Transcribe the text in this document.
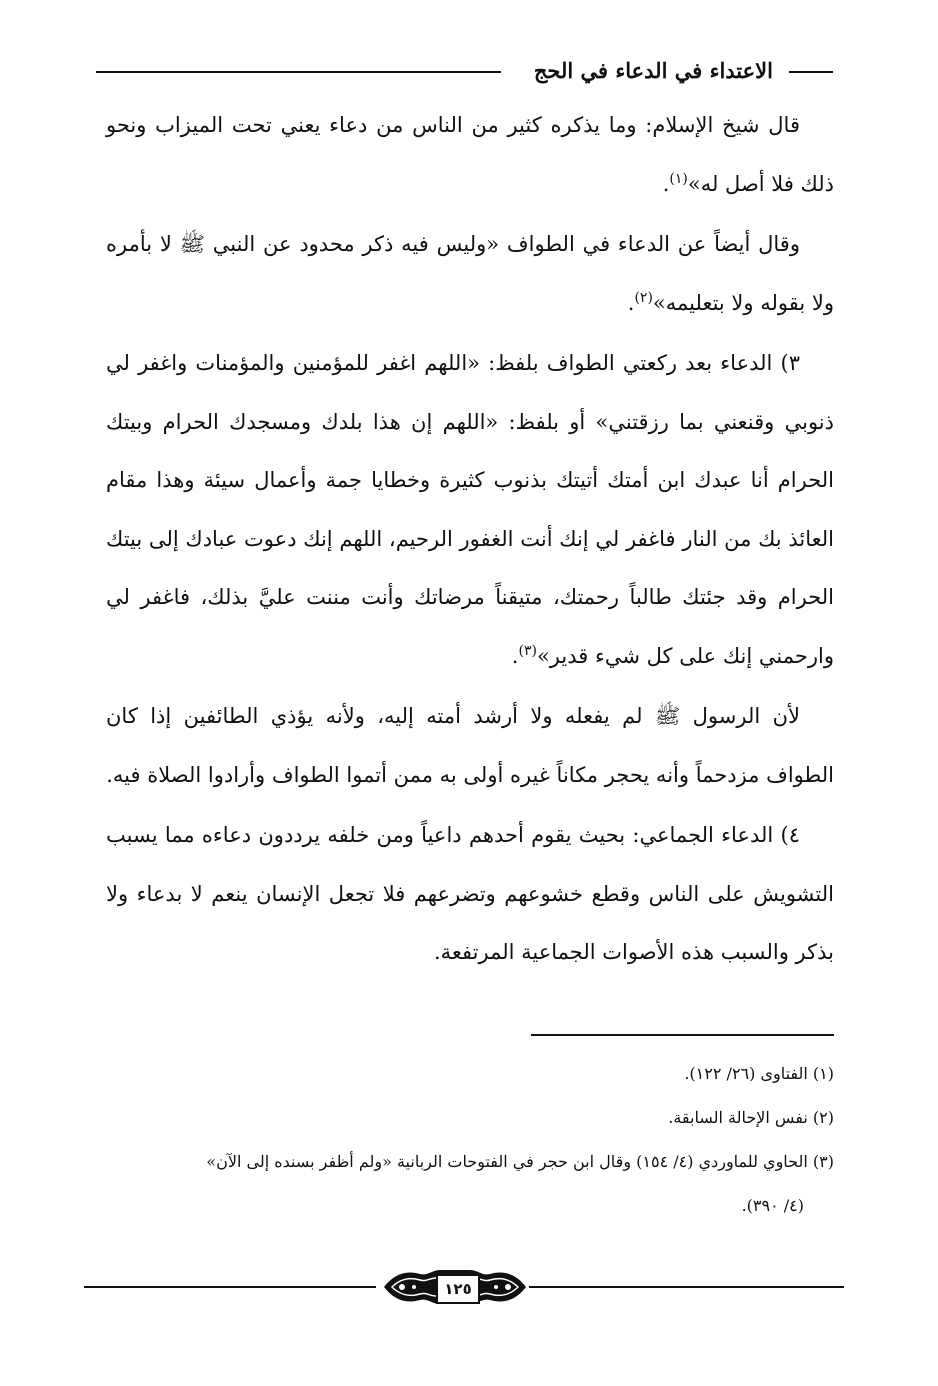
الاعتداء في الدعاء في الحج

قال شيخ الإسلام: وما يذكره كثير من الناس من دعاء يعني تحت الميزاب ونحو ذلك فلا أصل له»$^{(١)}$.

وقال أيضاً عن الدعاء في الطواف «وليس فيه ذكر محدود عن النبي ﷺ لا بأمره ولا بقوله ولا بتعليمه»$^{(٢)}$.

٣) الدعاء بعد ركعتي الطواف بلفظ: «اللهم اغفر للمؤمنين والمؤمنات واغفر لي ذنوبي وقنعني بما رزقتني» أو بلفظ: «اللهم إن هذا بلدك ومسجدك الحرام وبيتك الحرام أنا عبدك ابن أمتك أتيتك بذنوب كثيرة وخطايا جمة وأعمال سيئة وهذا مقام العائذ بك من النار فاغفر لي إنك أنت الغفور الرحيم، اللهم إنك دعوت عبادك إلى بيتك الحرام وقد جئتك طالباً رحمتك، متيقناً مرضاتك وأنت مننت عليَّ بذلك، فاغفر لي وارحمني إنك على كل شيء قدير»$^{(٣)}$.

لأن الرسول ﷺ لم يفعله ولا أرشد أمته إليه، ولأنه يؤذي الطائفين إذا كان الطواف مزدحماً وأنه يحجر مكاناً غيره أولى به ممن أتموا الطواف وأرادوا الصلاة فيه.

٤) الدعاء الجماعي: بحيث يقوم أحدهم داعياً ومن خلفه يرددون دعاءه مما يسبب التشويش على الناس وقطع خشوعهم وتضرعهم فلا تجعل الإنسان ينعم لا بدعاء ولا بذكر والسبب هذه الأصوات الجماعية المرتفعة.

(١) الفتاوى (٢٦/ ١٢٢).

(٢) نفس الإحالة السابقة.

(٣) الحاوي للماوردي (٤/ ١٥٤) وقال ابن حجر في الفتوحات الربانية «ولم أظفر بسنده إلى الآن»

(٤/ ٣٩٠).

١٢٥
